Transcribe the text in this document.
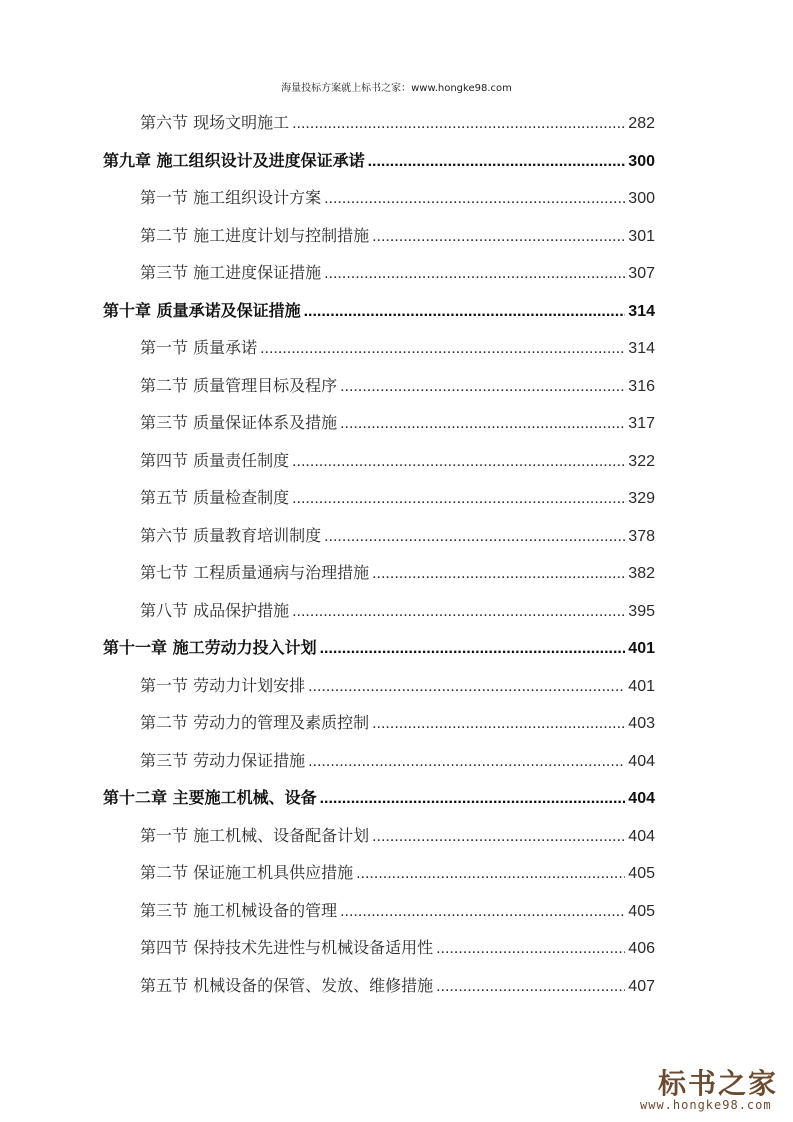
海量投标方案就上标书之家：www.hongke98.com
第六节 现场文明施工 .....	282
第九章 施工组织设计及进度保证承诺 .....	300
第一节 施工组织设计方案 .....	300
第二节 施工进度计划与控制措施 .....	301
第三节 施工进度保证措施 .....	307
第十章 质量承诺及保证措施 .....	314
第一节 质量承诺 .....	314
第二节 质量管理目标及程序 .....	316
第三节 质量保证体系及措施 .....	317
第四节 质量责任制度 .....	322
第五节 质量检查制度 .....	329
第六节 质量教育培训制度 .....	378
第七节 工程质量通病与治理措施 .....	382
第八节 成品保护措施 .....	395
第十一章 施工劳动力投入计划 .....	401
第一节 劳动力计划安排 .....	401
第二节 劳动力的管理及素质控制 .....	403
第三节 劳动力保证措施 .....	404
第十二章 主要施工机械、设备 .....	404
第一节 施工机械、设备配备计划 .....	404
第二节 保证施工机具供应措施 .....	405
第三节 施工机械设备的管理 .....	405
第四节 保持技术先进性与机械设备适用性 .....	406
第五节 机械设备的保管、发放、维修措施 .....	407
标书之家
www.hongke98.com
